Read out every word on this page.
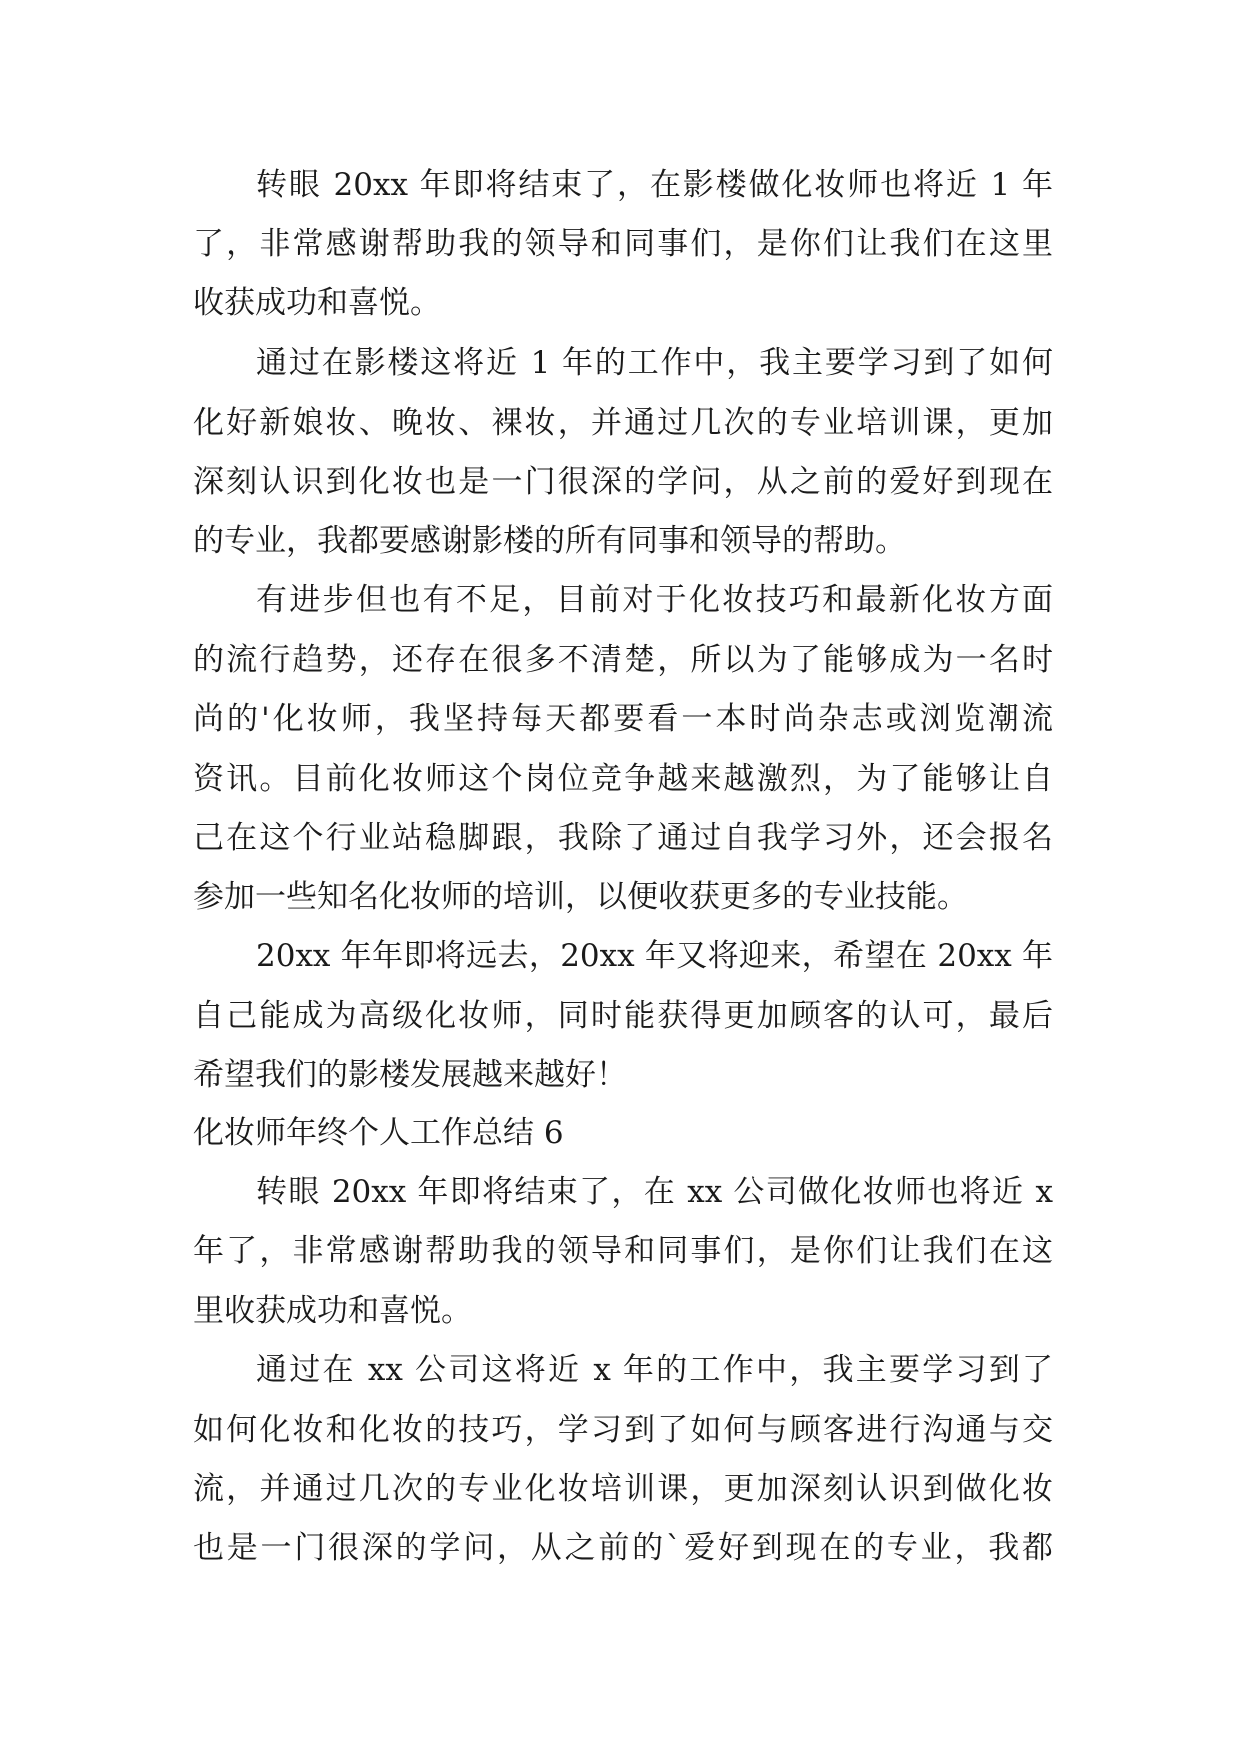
转眼 20xx 年即将结束了，在影楼做化妆师也将近 1 年
了，非常感谢帮助我的领导和同事们，是你们让我们在这里
收获成功和喜悦。
通过在影楼这将近 1 年的工作中，我主要学习到了如何
化好新娘妆、晚妆、裸妆，并通过几次的专业培训课，更加
深刻认识到化妆也是一门很深的学问，从之前的爱好到现在
的专业，我都要感谢影楼的所有同事和领导的帮助。
有进步但也有不足，目前对于化妆技巧和最新化妆方面
的流行趋势，还存在很多不清楚，所以为了能够成为一名时
尚的'化妆师，我坚持每天都要看一本时尚杂志或浏览潮流
资讯。目前化妆师这个岗位竞争越来越激烈，为了能够让自
己在这个行业站稳脚跟，我除了通过自我学习外，还会报名
参加一些知名化妆师的培训，以便收获更多的专业技能。
20xx 年年即将远去，20xx 年又将迎来，希望在 20xx 年
自己能成为高级化妆师，同时能获得更加顾客的认可，最后
希望我们的影楼发展越来越好！
化妆师年终个人工作总结 6
转眼 20xx 年即将结束了，在 xx 公司做化妆师也将近 x
年了，非常感谢帮助我的领导和同事们，是你们让我们在这
里收获成功和喜悦。
通过在 xx 公司这将近 x 年的工作中，我主要学习到了
如何化妆和化妆的技巧，学习到了如何与顾客进行沟通与交
流，并通过几次的专业化妆培训课，更加深刻认识到做化妆
也是一门很深的学问，从之前的`爱好到现在的专业，我都
